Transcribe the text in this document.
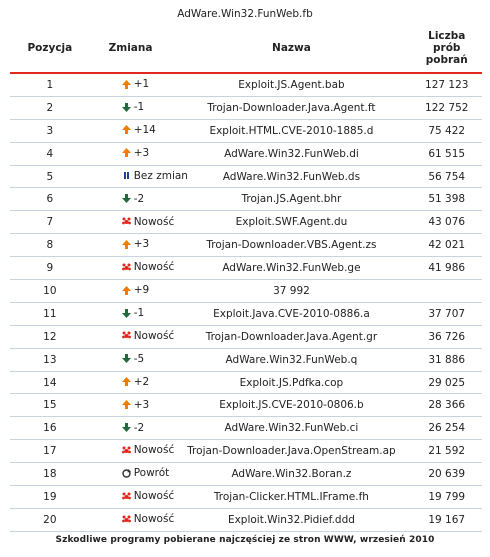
AdWare.Win32.FunWeb.fb
Pozycja	Zmiana	Nazwa	Liczba
prób
pobrań
1	+1	Exploit.JS.Agent.bab	127 123
2	-1	Trojan-Downloader.Java.Agent.ft	122 752
3	+14	Exploit.HTML.CVE-2010-1885.d	75 422
4	+3	AdWare.Win32.FunWeb.di	61 515
5	Bez zmian	AdWare.Win32.FunWeb.ds	56 754
6	-2	Trojan.JS.Agent.bhr	51 398
7	Nowość	Exploit.SWF.Agent.du	43 076
8	+3	Trojan-Downloader.VBS.Agent.zs	42 021
9	Nowość	AdWare.Win32.FunWeb.ge	41 986
10	+9	37 992	
11	-1	Exploit.Java.CVE-2010-0886.a	37 707
12	Nowość	Trojan-Downloader.Java.Agent.gr	36 726
13	-5	AdWare.Win32.FunWeb.q	31 886
14	+2	Exploit.JS.Pdfka.cop	29 025
15	+3	Exploit.JS.CVE-2010-0806.b	28 366
16	-2	AdWare.Win32.FunWeb.ci	26 254
17	Nowość	Trojan-Downloader.Java.OpenStream.ap	21 592
18	Powrót	AdWare.Win32.Boran.z	20 639
19	Nowość	Trojan-Clicker.HTML.IFrame.fh	19 799
20	Nowość	Exploit.Win32.Pidief.ddd	19 167
Szkodliwe programy pobierane najczęściej ze stron WWW, wrzesień 2010
